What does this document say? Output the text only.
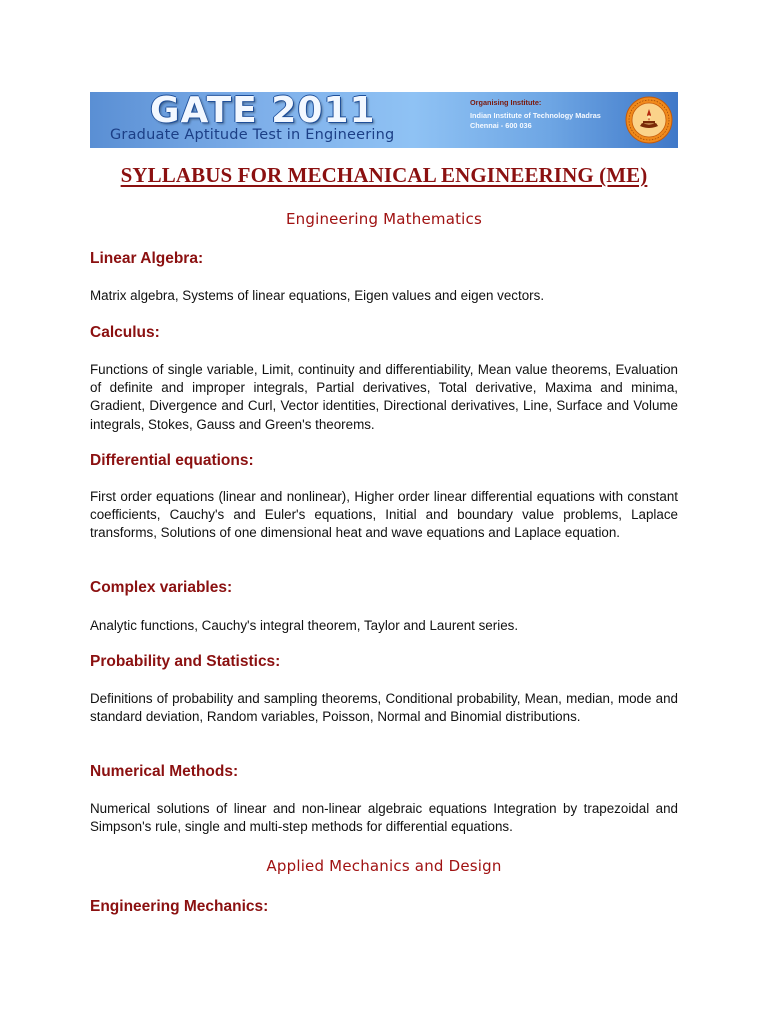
GATE 2011
Graduate Aptitude Test in Engineering
Organising Institute:
Indian Institute of Technology Madras
Chennai - 600 036
SYLLABUS FOR MECHANICAL ENGINEERING (ME)
Engineering Mathematics
Linear Algebra:
Matrix algebra, Systems of linear equations, Eigen values and eigen vectors.
Calculus:
Functions of single variable, Limit, continuity and differentiability, Mean value theorems, Evaluation of definite and improper integrals, Partial derivatives, Total derivative, Maxima and minima, Gradient, Divergence and Curl, Vector identities, Directional derivatives, Line, Surface and Volume integrals, Stokes, Gauss and Green's theorems.
Differential equations:
First order equations (linear and nonlinear), Higher order linear differential equations with constant coefficients, Cauchy's and Euler's equations, Initial and boundary value problems, Laplace transforms, Solutions of one dimensional heat and wave equations and Laplace equation.
Complex variables:
Analytic functions, Cauchy's integral theorem, Taylor and Laurent series.
Probability and Statistics:
Definitions of probability and sampling theorems, Conditional probability, Mean, median, mode and standard deviation, Random variables, Poisson, Normal and Binomial distributions.
Numerical Methods:
Numerical solutions of linear and non-linear algebraic equations Integration by trapezoidal and Simpson's rule, single and multi-step methods for differential equations.
Applied Mechanics and Design
Engineering Mechanics:
